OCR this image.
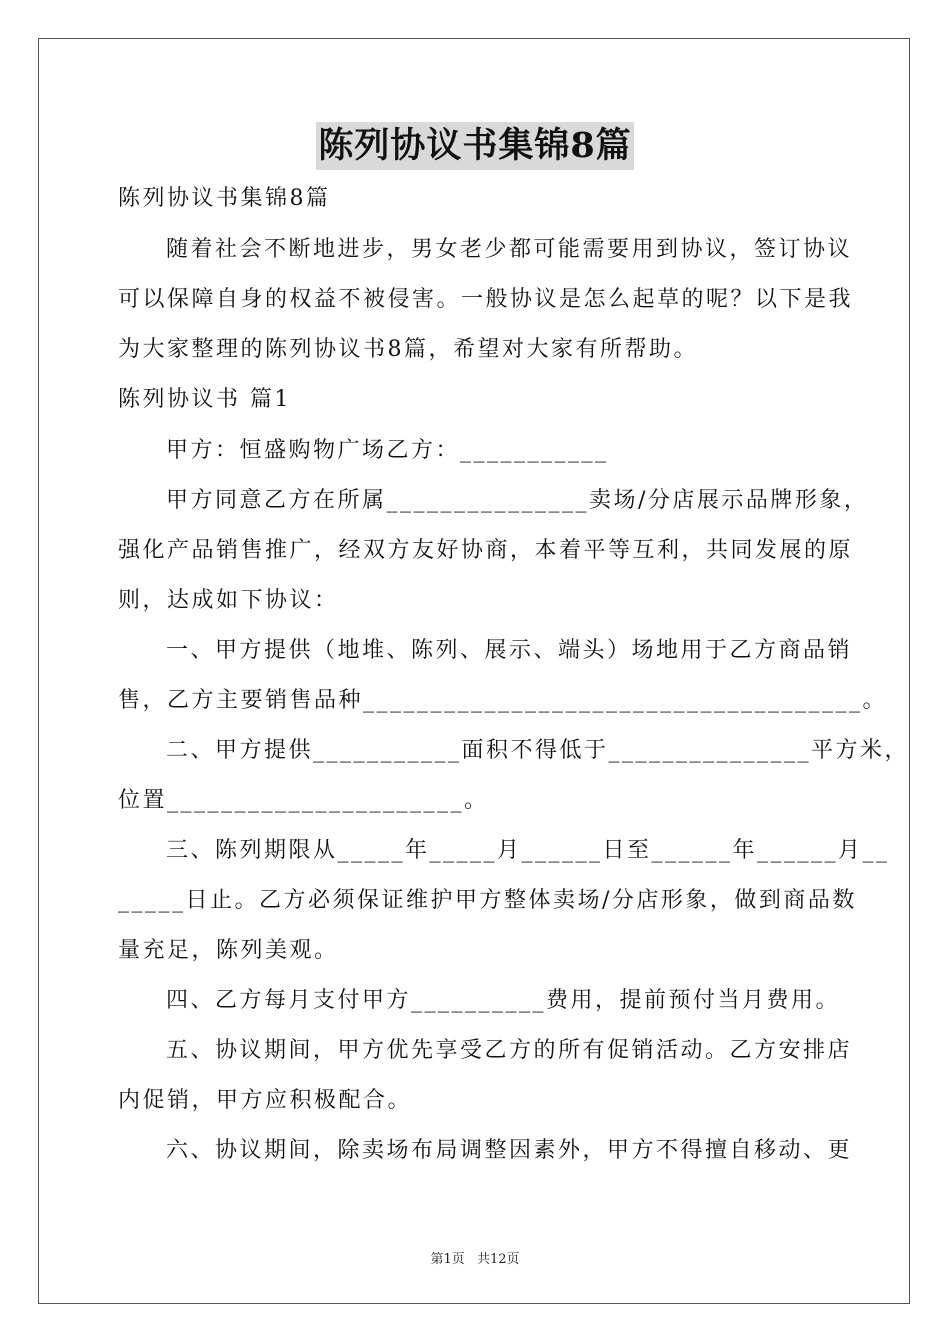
陈列协议书集锦8篇
陈列协议书集锦8篇
随着社会不断地进步，男女老少都可能需要用到协议，签订协议
可以保障自身的权益不被侵害。一般协议是怎么起草的呢？以下是我
为大家整理的陈列协议书8篇，希望对大家有所帮助。
陈列协议书 篇1
甲方：恒盛购物广场乙方：___________
甲方同意乙方在所属_______________卖场/分店展示品牌形象，
强化产品销售推广，经双方友好协商，本着平等互利，共同发展的原
则，达成如下协议：
一、甲方提供（地堆、陈列、展示、端头）场地用于乙方商品销
售，乙方主要销售品种_____________________________________。
二、甲方提供___________面积不得低于_______________平方米，
位置______________________。
三、陈列期限从_____年_____月______日至______年______月__
_____日止。乙方必须保证维护甲方整体卖场/分店形象，做到商品数
量充足，陈列美观。
四、乙方每月支付甲方__________费用，提前预付当月费用。
五、协议期间，甲方优先享受乙方的所有促销活动。乙方安排店
内促销，甲方应积极配合。
六、协议期间，除卖场布局调整因素外，甲方不得擅自移动、更
第1页 共12页
